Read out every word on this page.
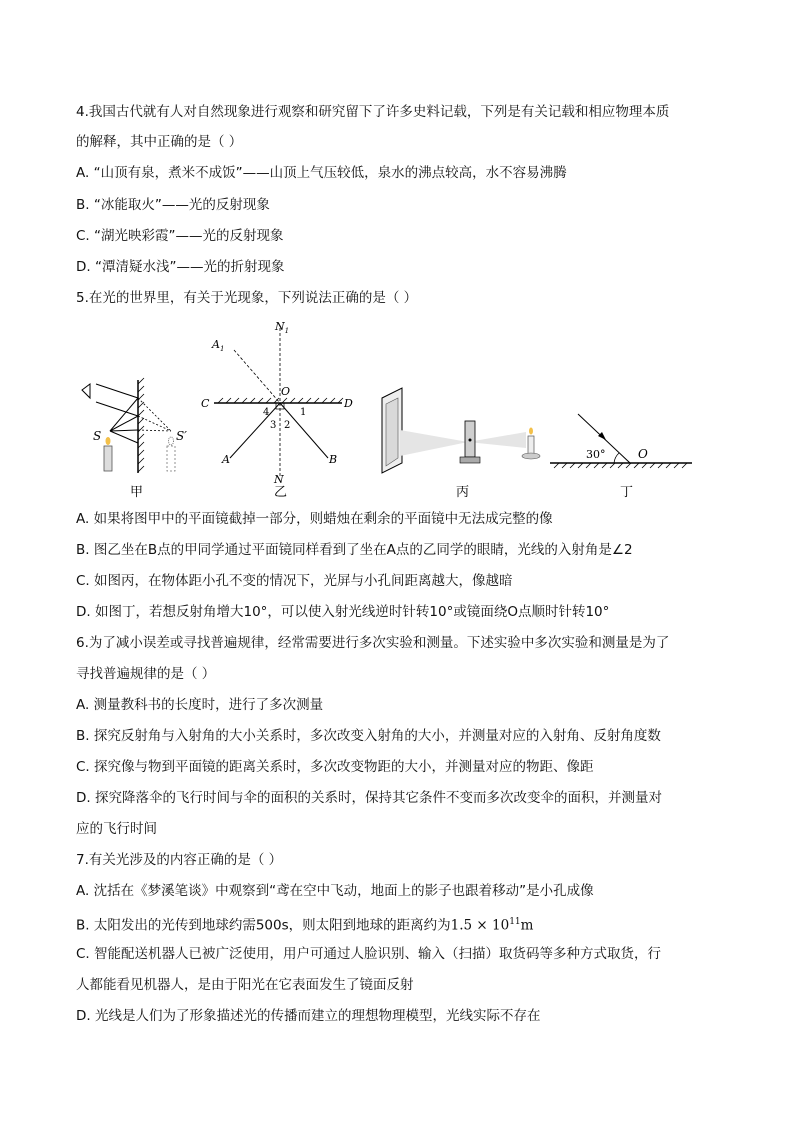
4.我国古代就有人对自然现象进行观察和研究留下了许多史料记载，下列是有关记载和相应物理本质
的解释，其中正确的是（ ）
A. “山顶有泉，煮米不成饭”——山顶上气压较低，泉水的沸点较高，水不容易沸腾
B. “冰能取火”——光的反射现象
C. “湖光映彩霞”——光的反射现象
D. “潭清疑水浅”——光的折射现象
5.在光的世界里，有关于光现象，下列说法正确的是（ ）
S	S′
甲
$N_1$
$A_1$
O
C	D
A	B
N
4	1
3 2
乙	丙
30°	O
丁
A. 如果将图甲中的平面镜截掉一部分，则蜡烛在剩余的平面镜中无法成完整的像
B. 图乙坐在B点的甲同学通过平面镜同样看到了坐在A点的乙同学的眼睛，光线的入射角是∠2
C. 如图丙，在物体距小孔不变的情况下，光屏与小孔间距离越大，像越暗
D. 如图丁，若想反射角增大10°，可以使入射光线逆时针转10°或镜面绕O点顺时针转10°
6.为了减小误差或寻找普遍规律，经常需要进行多次实验和测量。下述实验中多次实验和测量是为了
寻找普遍规律的是（ ）
A. 测量教科书的长度时，进行了多次测量
B. 探究反射角与入射角的大小关系时，多次改变入射角的大小，并测量对应的入射角、反射角度数
C. 探究像与物到平面镜的距离关系时，多次改变物距的大小，并测量对应的物距、像距
D. 探究降落伞的飞行时间与伞的面积的关系时，保持其它条件不变而多次改变伞的面积，并测量对
应的飞行时间
7.有关光涉及的内容正确的是（ ）
A. 沈括在《梦溪笔谈》中观察到“鸢在空中飞动，地面上的影子也跟着移动”是小孔成像
B. 太阳发出的光传到地球约需500s，则太阳到地球的距离约为$1.5 \times 10^{11}m$
C. 智能配送机器人已被广泛使用，用户可通过人脸识别、输入（扫描）取货码等多种方式取货，行
人都能看见机器人，是由于阳光在它表面发生了镜面反射
D. 光线是人们为了形象描述光的传播而建立的理想物理模型，光线实际不存在
